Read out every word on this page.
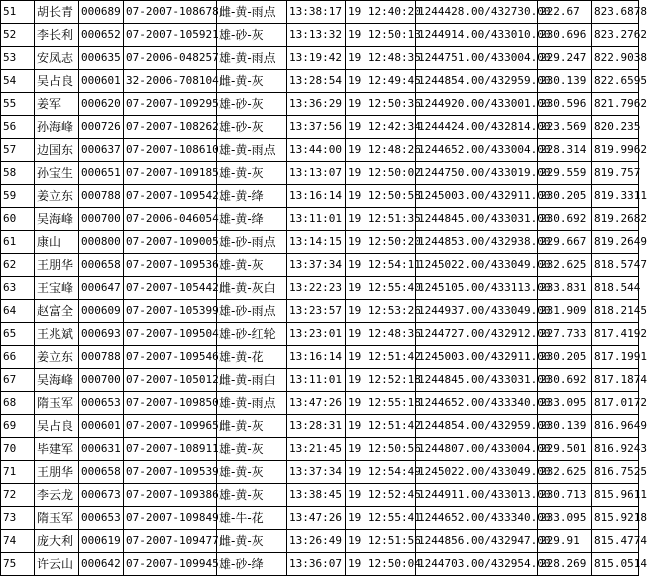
51	胡长青	000689	07-2007-108678	雌-黄-雨点	13:38:17	19 12:40:20	1244428.00/432730.00	222.67	823.6878
52	李长利	000652	07-2007-105921	雄-砂-灰	13:13:32	19 12:50:13	1244914.00/433010.00	230.696	823.2762
53	安凤志	000635	07-2006-048257	雄-黄-雨点	13:19:42	19 12:48:35	1244751.00/433004.00	229.247	822.9038
54	吴占良	000601	32-2006-708104	雌-黄-灰	13:28:54	19 12:49:45	1244854.00/432959.00	230.139	822.6595
55	姜军	000620	07-2007-109295	雄-砂-灰	13:36:29	19 12:50:36	1244920.00/433001.00	230.596	821.7962
56	孙海峰	000726	07-2007-108262	雄-砂-灰	13:37:56	19 12:42:34	1244424.00/432814.00	223.569	820.235
57	边国东	000637	07-2007-108610	雄-黄-雨点	13:44:00	19 12:48:26	1244652.00/433004.00	228.314	819.9962
58	孙宝生	000651	07-2007-109185	雄-黄-灰	13:13:07	19 12:50:02	1244750.00/433019.00	229.559	819.757
59	姜立东	000788	07-2007-109542	雄-黄-绛	13:16:14	19 12:50:58	1245003.00/432911.00	230.205	819.3311
60	吴海峰	000700	07-2006-046054	雄-黄-绛	13:11:01	19 12:51:35	1244845.00/433031.00	230.692	819.2682
61	康山	000800	07-2007-109005	雄-砂-雨点	13:14:15	19 12:50:20	1244853.00/432938.00	229.667	819.2649
62	王朋华	000658	07-2007-109536	雄-黄-灰	13:37:34	19 12:54:11	1245022.00/433049.00	232.625	818.5747
63	王宝峰	000647	07-2007-105442	雌-黄-灰白	13:22:23	19 12:55:40	1245105.00/433113.00	233.831	818.544
64	赵富全	000609	07-2007-105399	雄-砂-雨点	13:23:57	19 12:53:26	1244937.00/433049.00	231.909	818.2145
65	王兆斌	000693	07-2007-109504	雄-砂-红轮	13:23:01	19 12:48:36	1244727.00/432912.00	227.733	817.4192
66	姜立东	000788	07-2007-109546	雄-黄-花	13:16:14	19 12:51:42	1245003.00/432911.00	230.205	817.1991
67	吴海峰	000700	07-2007-105012	雌-黄-雨白	13:11:01	19 12:52:18	1244845.00/433031.00	230.692	817.1874
68	隋玉军	000653	07-2007-109850	雄-黄-雨点	13:47:26	19 12:55:18	1244652.00/433340.00	233.095	817.0172
69	吴占良	000601	07-2007-109965	雌-黄-灰	13:28:31	19 12:51:42	1244854.00/432959.00	230.139	816.9649
70	毕建军	000631	07-2007-108911	雄-黄-灰	13:21:45	19 12:50:56	1244807.00/433004.00	229.501	816.9243
71	王朋华	000658	07-2007-109539	雄-黄-灰	13:37:34	19 12:54:49	1245022.00/433049.00	232.625	816.7525
72	李云龙	000673	07-2007-109386	雄-黄-灰	13:38:45	19 12:52:45	1244911.00/433013.00	230.713	815.9611
73	隋玉军	000653	07-2007-109849	雄-牛-花	13:47:26	19 12:55:41	1244652.00/433340.00	233.095	815.9218
74	庞大利	000619	07-2007-109477	雌-黄-灰	13:26:49	19 12:51:56	1244856.00/432947.00	229.91	815.4774
75	许云山	000642	07-2007-109945	雄-砂-绛	13:36:07	19 12:50:04	1244703.00/432954.00	228.269	815.0514
